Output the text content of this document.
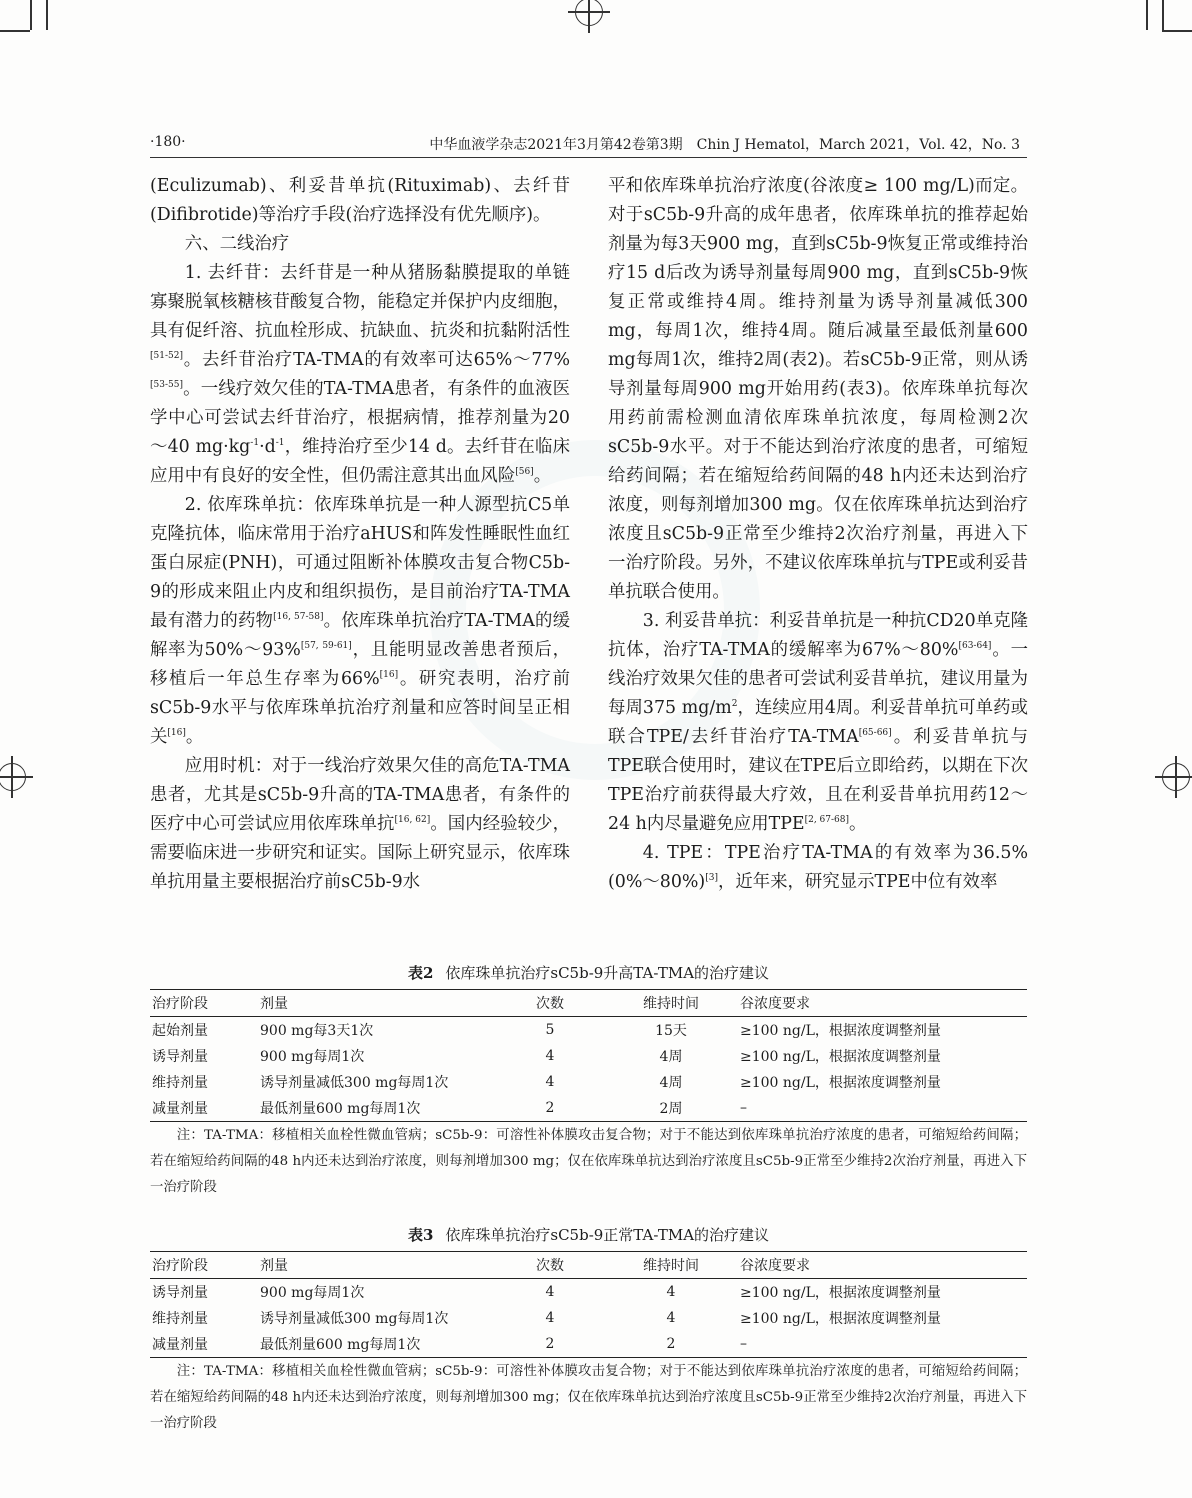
·180·	中华血液学杂志2021年3月第42卷第3期　Chin J Hematol，March 2021，Vol. 42，No. 3

(Eculizumab)、利妥昔单抗(Rituximab)、去纤苷(Difibrotide)等治疗手段(治疗选择没有优先顺序)。

六、二线治疗

1. 去纤苷：去纤苷是一种从猪肠黏膜提取的单链寡聚脱氧核糖核苷酸复合物，能稳定并保护内皮细胞，具有促纤溶、抗血栓形成、抗缺血、抗炎和抗黏附活性[51-52]。去纤苷治疗TA-TMA的有效率可达65%～77%[53-55]。一线疗效欠佳的TA-TMA患者，有条件的血液医学中心可尝试去纤苷治疗，根据病情，推荐剂量为20～40 $mg\cdot kg^{-1}\cdot d^{-1}$，维持治疗至少14 d。去纤苷在临床应用中有良好的安全性，但仍需注意其出血风险[56]。

2. 依库珠单抗：依库珠单抗是一种人源型抗C5单克隆抗体，临床常用于治疗aHUS和阵发性睡眠性血红蛋白尿症(PNH)，可通过阻断补体膜攻击复合物C5b-9的形成来阻止内皮和组织损伤，是目前治疗TA-TMA最有潜力的药物[16, 57-58]。依库珠单抗治疗TA-TMA的缓解率为50%～93%[57, 59-61]，且能明显改善患者预后，移植后一年总生存率为66%[16]。研究表明，治疗前sC5b-9水平与依库珠单抗治疗剂量和应答时间呈正相关[16]。

应用时机：对于一线治疗效果欠佳的高危TA-TMA患者，尤其是sC5b-9升高的TA-TMA患者，有条件的医疗中心可尝试应用依库珠单抗[16, 62]。国内经验较少，需要临床进一步研究和证实。国际上研究显示，依库珠单抗用量主要根据治疗前sC5b-9水

平和依库珠单抗治疗浓度(谷浓度≥ 100 mg/L)而定。对于sC5b-9升高的成年患者，依库珠单抗的推荐起始剂量为每3天900 mg，直到sC5b-9恢复正常或维持治疗15 d后改为诱导剂量每周900 mg，直到sC5b-9恢复正常或维持4周。维持剂量为诱导剂量减低300 mg，每周1次，维持4周。随后减量至最低剂量600 mg每周1次，维持2周(表2)。若sC5b-9正常，则从诱导剂量每周900 mg开始用药(表3)。依库珠单抗每次用药前需检测血清依库珠单抗浓度，每周检测2次sC5b-9水平。对于不能达到治疗浓度的患者，可缩短给药间隔；若在缩短给药间隔的48 h内还未达到治疗浓度，则每剂增加300 mg。仅在依库珠单抗达到治疗浓度且sC5b-9正常至少维持2次治疗剂量，再进入下一治疗阶段。另外，不建议依库珠单抗与TPE或利妥昔单抗联合使用。

3. 利妥昔单抗：利妥昔单抗是一种抗CD20单克隆抗体，治疗TA-TMA的缓解率为67%～80%[63-64]。一线治疗效果欠佳的患者可尝试利妥昔单抗，建议用量为每周375 $mg/m^2$，连续应用4周。利妥昔单抗可单药或联合TPE/去纤苷治疗TA-TMA[65-66]。利妥昔单抗与TPE联合使用时，建议在TPE后立即给药，以期在下次TPE治疗前获得最大疗效，且在利妥昔单抗用药12～24 h内尽量避免应用TPE[2, 67-68]。

4. TPE：TPE治疗TA-TMA的有效率为36.5%(0%～80%)[3]，近年来，研究显示TPE中位有效率

表2 依库珠单抗治疗sC5b-9升高TA-TMA的治疗建议
治疗阶段	剂量	次数	维持时间	谷浓度要求
起始剂量	900 mg每3天1次	5	15天	≥100 ng/L，根据浓度调整剂量
诱导剂量	900 mg每周1次	4	4周	≥100 ng/L，根据浓度调整剂量
维持剂量	诱导剂量减低300 mg每周1次	4	4周	≥100 ng/L，根据浓度调整剂量
减量剂量	最低剂量600 mg每周1次	2	2周	–
注：TA-TMA：移植相关血栓性微血管病；sC5b-9：可溶性补体膜攻击复合物；对于不能达到依库珠单抗治疗浓度的患者，可缩短给药间隔；若在缩短给药间隔的48 h内还未达到治疗浓度，则每剂增加300 mg；仅在依库珠单抗达到治疗浓度且sC5b-9正常至少维持2次治疗剂量，再进入下一治疗阶段
表3 依库珠单抗治疗sC5b-9正常TA-TMA的治疗建议
治疗阶段	剂量	次数	维持时间	谷浓度要求
诱导剂量	900 mg每周1次	4	4	≥100 ng/L，根据浓度调整剂量
维持剂量	诱导剂量减低300 mg每周1次	4	4	≥100 ng/L，根据浓度调整剂量
减量剂量	最低剂量600 mg每周1次	2	2	–
注：TA-TMA：移植相关血栓性微血管病；sC5b-9：可溶性补体膜攻击复合物；对于不能达到依库珠单抗治疗浓度的患者，可缩短给药间隔；若在缩短给药间隔的48 h内还未达到治疗浓度，则每剂增加300 mg；仅在依库珠单抗达到治疗浓度且sC5b-9正常至少维持2次治疗剂量，再进入下一治疗阶段
